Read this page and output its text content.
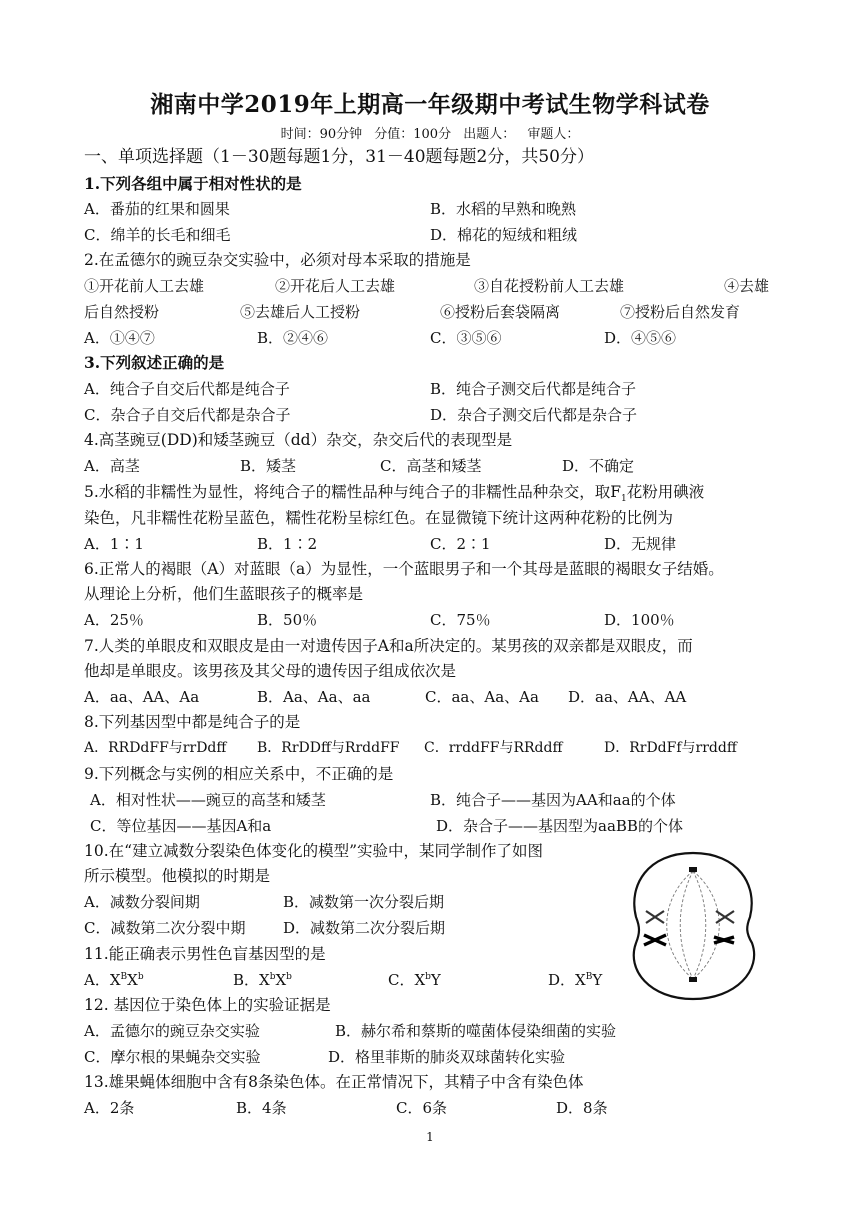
湘南中学2019年上期高一年级期中考试生物学科试卷
时间：90分钟 分值：100分 出题人： 审题人：
一、单项选择题（1－30题每题1分，31－40题每题2分，共50分）
1.下列各组中属于相对性状的是
A．番茄的红果和圆果	B．水稻的早熟和晚熟
C．绵羊的长毛和细毛	D．棉花的短绒和粗绒
2.在孟德尔的豌豆杂交实验中，必须对母本采取的措施是
①开花前人工去雄	②开花后人工去雄	③自花授粉前人工去雄	④去雄
后自然授粉	⑤去雄后人工授粉	⑥授粉后套袋隔离	⑦授粉后自然发育
A．①④⑦	B．②④⑥	C．③⑤⑥	D．④⑤⑥
3.下列叙述正确的是
A．纯合子自交后代都是纯合子	B．纯合子测交后代都是纯合子
C．杂合子自交后代都是杂合子	D．杂合子测交后代都是杂合子
4.高茎豌豆(DD)和矮茎豌豆（dd）杂交，杂交后代的表现型是
A．高茎	B．矮茎	C．高茎和矮茎	D．不确定
5.水稻的非糯性为显性，将纯合子的糯性品种与纯合子的非糯性品种杂交，取$F_1$花粉用碘液
染色，凡非糯性花粉呈蓝色，糯性花粉呈棕红色。在显微镜下统计这两种花粉的比例为
A．1∶1	B．1∶2	C．2∶1	D．无规律
6.正常人的褐眼（A）对蓝眼（a）为显性，一个蓝眼男子和一个其母是蓝眼的褐眼女子结婚。
从理论上分析，他们生蓝眼孩子的概率是
A．25％	B．50％	C．75％	D．100％
7.人类的单眼皮和双眼皮是由一对遗传因子A和a所决定的。某男孩的双亲都是双眼皮，而
他却是单眼皮。该男孩及其父母的遗传因子组成依次是
A．aa、AA、Aa	B．Aa、Aa、aa	C．aa、Aa、Aa D．aa、AA、AA
8.下列基因型中都是纯合子的是
A．RRDdFF与rrDdff B．RrDDff与RrddFF C．rrddFF与RRddff	D．RrDdFf与rrddff
9.下列概念与实例的相应关系中，不正确的是
A．相对性状——豌豆的高茎和矮茎	B．纯合子——基因为AA和aa的个体
C．等位基因——基因A和a	D．杂合子——基因型为aaBB的个体
10.在“建立减数分裂染色体变化的模型”实验中，某同学制作了如图
所示模型。他模拟的时期是
A．减数分裂间期	B．减数第一次分裂后期
C．减数第二次分裂中期	D．减数第二次分裂后期
11.能正确表示男性色盲基因型的是
A．$X^BX^b$	B．$X^bX^b$	C．$X^bY$	D．$X^BY$
12. 基因位于染色体上的实验证据是
A．孟德尔的豌豆杂交实验	B．赫尔希和蔡斯的噬菌体侵染细菌的实验
C．摩尔根的果蝇杂交实验	D．格里菲斯的肺炎双球菌转化实验
13.雄果蝇体细胞中含有8条染色体。在正常情况下，其精子中含有染色体
A．2条	B．4条	C．6条	D．8条
1
